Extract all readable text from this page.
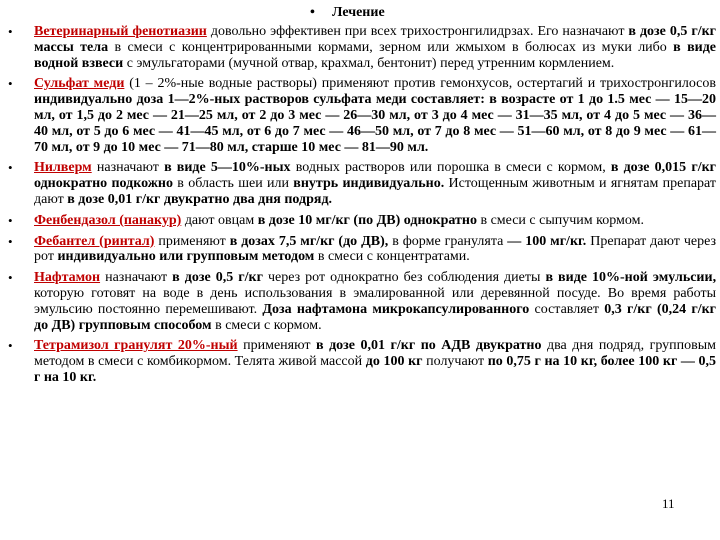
• Лечение
• Ветеринарный фенотиазин довольно эффективен при всех трихостронгилидрзах. Его назначают в дозе 0,5 г/кг массы тела в смеси с концентрированными кормами, зерном или жмыхом в болюсах из муки либо в виде водной взвеси с эмульгаторами (мучной отвар, крахмал, бентонит) перед утренним кормлением.
• Сульфат меди (1 – 2%-ные водные растворы) применяют против гемонхусов, остертагий и трихостронгилосов индивидуально доза 1—2%-ных растворов сульфата меди составляет: в возрасте от 1 до 1.5 мес — 15—20 мл, от 1,5 до 2 мес — 21—25 мл, от 2 до 3 мес — 26—30 мл, от 3 до 4 мес — 31—35 мл, от 4 до 5 мес — 36—40 мл, от 5 до 6 мес — 41—45 мл, от 6 до 7 мес — 46—50 мл, от 7 до 8 мес — 51—60 мл, от 8 до 9 мес — 61—70 мл, от 9 до 10 мес — 71—80 мл, старше 10 мес — 81—90 мл.
• Нилверм назначают в виде 5—10%-ных водных растворов или порошка в смеси с кормом, в дозе 0,015 г/кг однократно подкожно в область шеи или внутрь индивидуально. Истощенным животным и ягнятам препарат дают в дозе 0,01 г/кг двукратно два дня подряд.
• Фенбендазол (панакур) дают овцам в дозе 10 мг/кг (по ДВ) однократно в смеси с сыпучим кормом.
• Фебантел (ринтал) применяют в дозах 7,5 мг/кг (до ДВ), в форме гранулята — 100 мг/кг. Препарат дают через рот индивидуально или групповым методом в смеси с концентратами.
• Нафтамон назначают в дозе 0,5 г/кг через рот однократно без соблюдения диеты в виде 10%-ной эмульсии, которую готовят на воде в день использования в эмалированной или деревянной посуде. Во время работы эмульсию постоянно перемешивают. Доза нафтамона микрокапсулированного составляет 0,3 г/кг (0,24 г/кг до ДВ) групповым способом в смеси с кормом.
• Тетрамизол гранулят 20%-ный применяют в дозе 0,01 г/кг по АДВ двукратно два дня подряд, групповым методом в смеси с комбикормом. Телята живой массой до 100 кг получают по 0,75 г на 10 кг, более 100 кг — 0,5 г на 10 кг.
11
